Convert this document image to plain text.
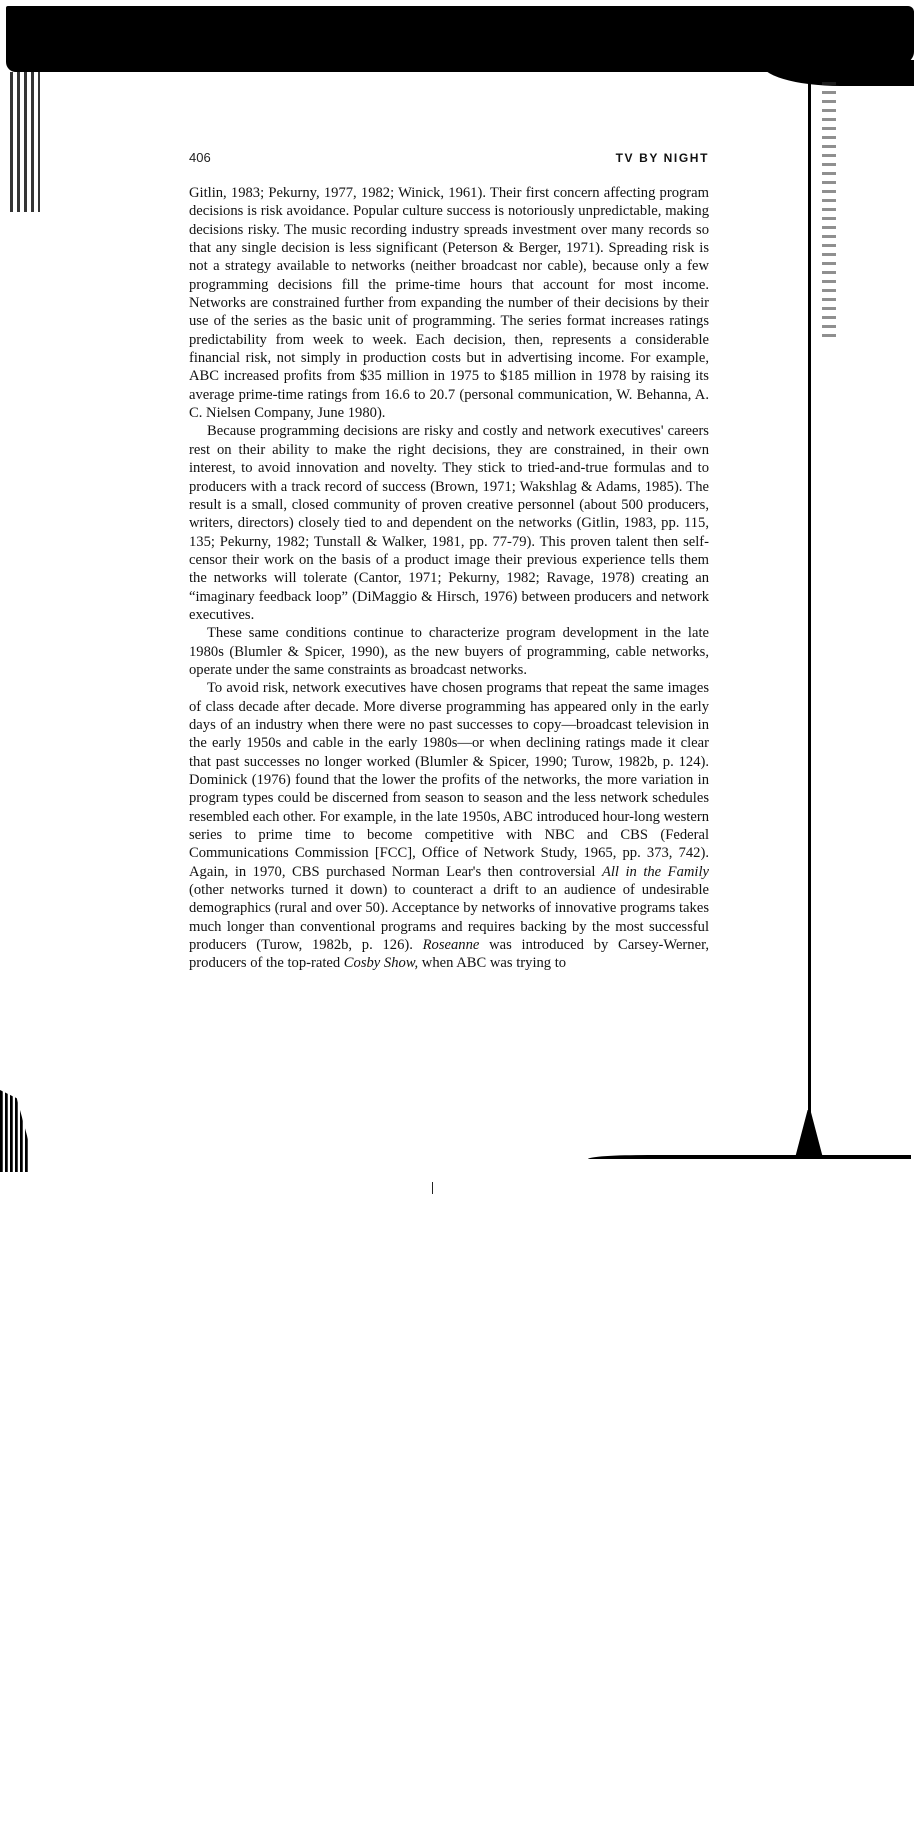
406	TV BY NIGHT

Gitlin, 1983; Pekurny, 1977, 1982; Winick, 1961). Their first concern affecting program decisions is risk avoidance. Popular culture success is notoriously unpredictable, making decisions risky. The music recording industry spreads investment over many records so that any single decision is less significant (Peterson & Berger, 1971). Spreading risk is not a strategy available to networks (neither broadcast nor cable), because only a few programming decisions fill the prime-time hours that account for most income. Networks are constrained further from expanding the number of their decisions by their use of the series as the basic unit of programming. The series format increases ratings predictability from week to week. Each decision, then, represents a considerable financial risk, not simply in production costs but in advertising income. For example, ABC increased profits from $35 million in 1975 to $185 million in 1978 by raising its average prime-time ratings from 16.6 to 20.7 (personal communication, W. Behanna, A. C. Nielsen Company, June 1980).

Because programming decisions are risky and costly and network executives' careers rest on their ability to make the right decisions, they are constrained, in their own interest, to avoid innovation and novelty. They stick to tried-and-true formulas and to producers with a track record of success (Brown, 1971; Wakshlag & Adams, 1985). The result is a small, closed community of proven creative personnel (about 500 producers, writers, directors) closely tied to and dependent on the networks (Gitlin, 1983, pp. 115, 135; Pekurny, 1982; Tunstall & Walker, 1981, pp. 77-79). This proven talent then self-censor their work on the basis of a product image their previous experience tells them the networks will tolerate (Cantor, 1971; Pekurny, 1982; Ravage, 1978) creating an “imaginary feedback loop” (DiMaggio & Hirsch, 1976) between producers and network executives.

These same conditions continue to characterize program development in the late 1980s (Blumler & Spicer, 1990), as the new buyers of programming, cable networks, operate under the same constraints as broadcast networks.

To avoid risk, network executives have chosen programs that repeat the same images of class decade after decade. More diverse programming has appeared only in the early days of an industry when there were no past successes to copy—broadcast television in the early 1950s and cable in the early 1980s—or when declining ratings made it clear that past successes no longer worked (Blumler & Spicer, 1990; Turow, 1982b, p. 124). Dominick (1976) found that the lower the profits of the networks, the more variation in program types could be discerned from season to season and the less network schedules resembled each other. For example, in the late 1950s, ABC introduced hour-long western series to prime time to become competitive with NBC and CBS (Federal Communications Commission [FCC], Office of Network Study, 1965, pp. 373, 742). Again, in 1970, CBS purchased Norman Lear's then controversial All in the Family (other networks turned it down) to counteract a drift to an audience of undesirable demographics (rural and over 50). Acceptance by networks of innovative programs takes much longer than conventional programs and requires backing by the most successful producers (Turow, 1982b, p. 126). Roseanne was introduced by Carsey-Werner, producers of the top-rated Cosby Show, when ABC was trying to
